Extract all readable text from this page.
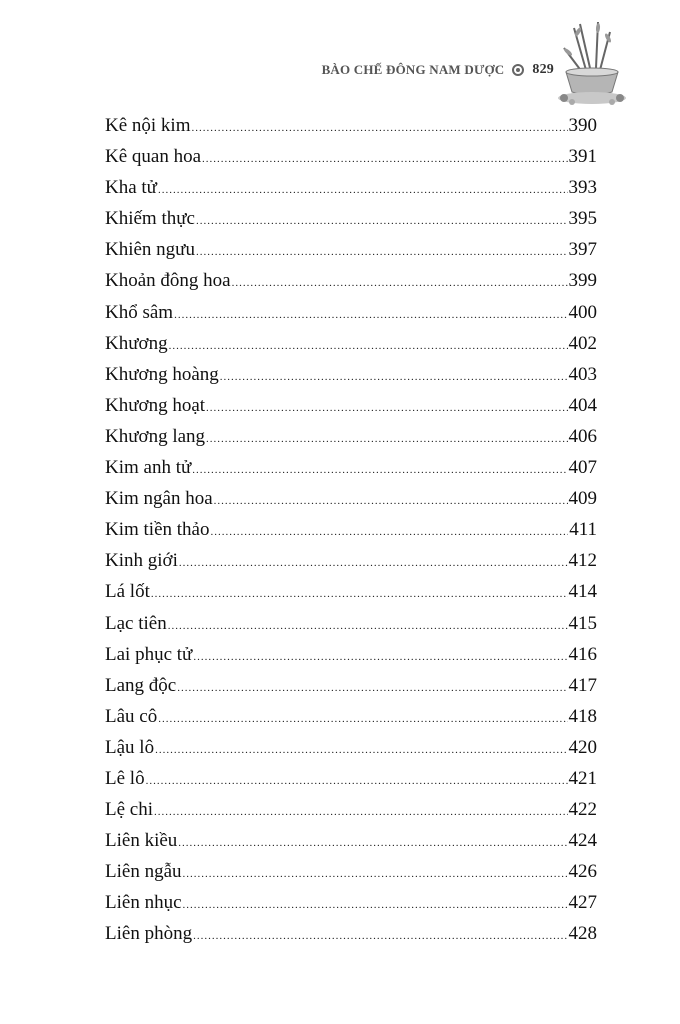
BÀO CHẾ ĐÔNG NAM DƯỢC 829
Kê nội kim .....	390
Kê quan hoa .....	391
Kha tử .....	393
Khiếm thực .....	395
Khiên ngưu .....	397
Khoản đông hoa .....	399
Khổ sâm .....	400
Khương .....	402
Khương hoàng .....	403
Khương hoạt .....	404
Khương lang .....	406
Kim anh tử .....	407
Kim ngân hoa .....	409
Kim tiền thảo .....	411
Kinh giới .....	412
Lá lốt .....	414
Lạc tiên .....	415
Lai phục tử .....	416
Lang độc .....	417
Lâu cô .....	418
Lậu lô .....	420
Lê lô .....	421
Lệ chi .....	422
Liên kiều .....	424
Liên ngẫu .....	426
Liên nhục .....	427
Liên phòng .....	428
